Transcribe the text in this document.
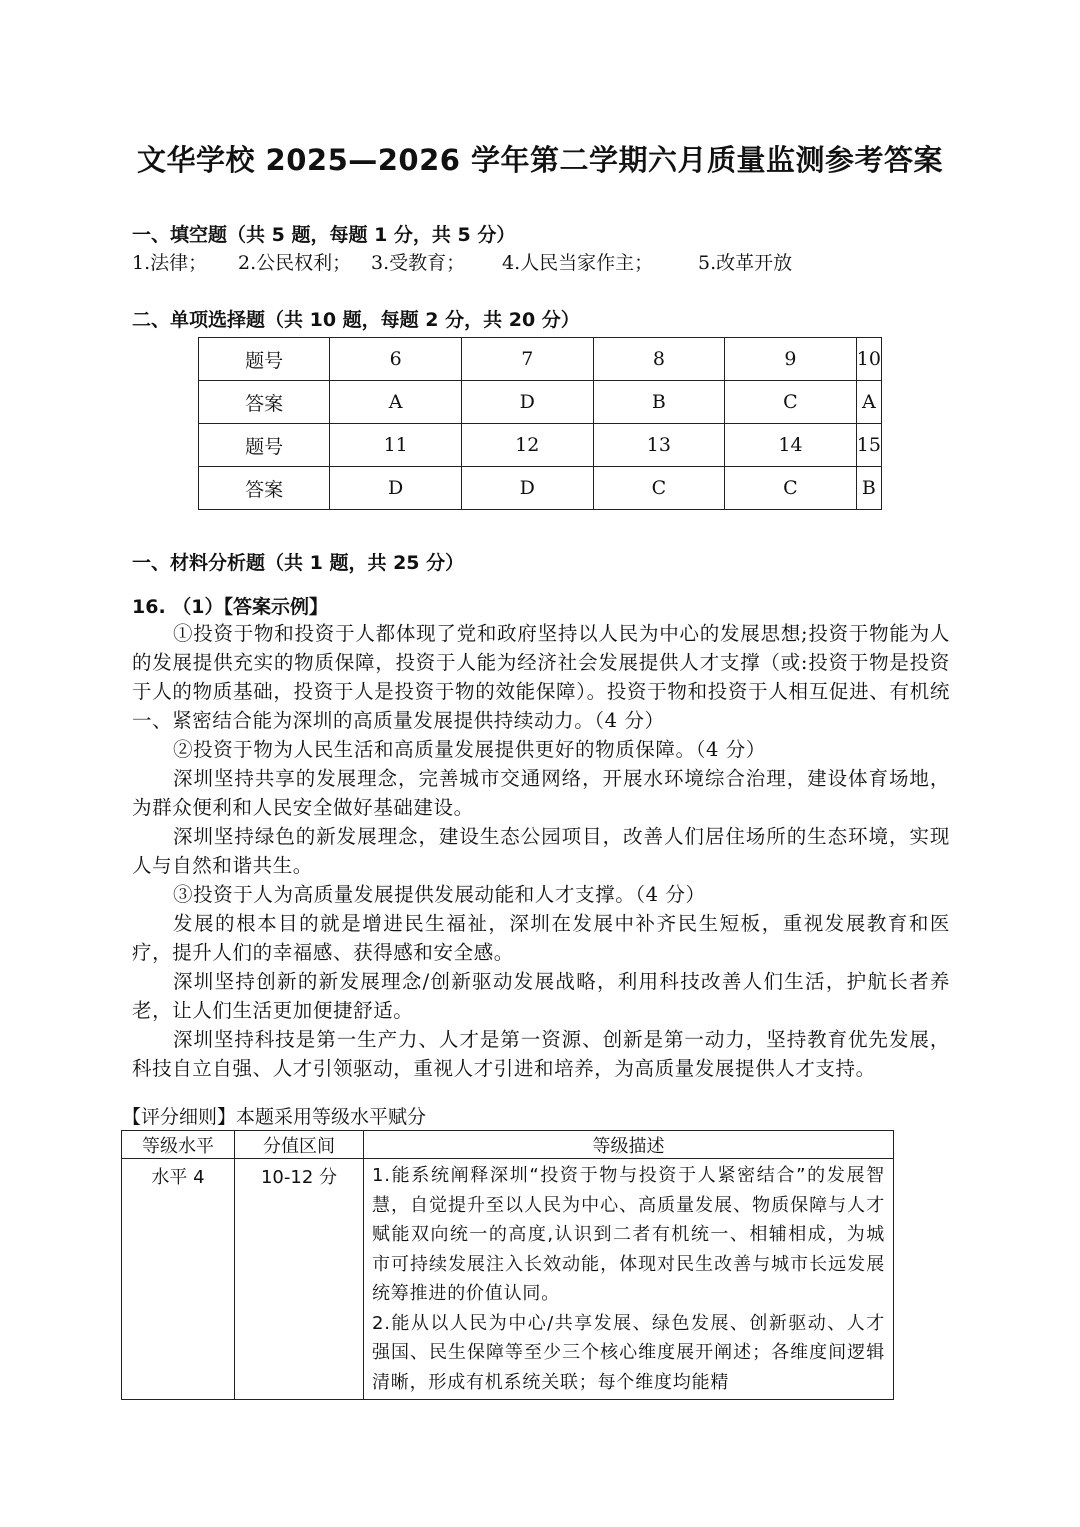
文华学校 2025—2026 学年第二学期六月质量监测参考答案
一、填空题（共 5 题，每题 1 分，共 5 分）
1.法律； 2.公民权利； 3.受教育； 4.人民当家作主； 5.改革开放
二、单项选择题（共 10 题，每题 2 分，共 20 分）
题号	6	7	8	9	10
答案	A	D	B	C	A
题号	11	12	13	14	15
答案	D	D	C	C	B
一、材料分析题（共 1 题，共 25 分）
16. （1）【答案示例】
①投资于物和投资于人都体现了党和政府坚持以人民为中心的发展思想;投资于物能为人的发展提供充实的物质保障，投资于人能为经济社会发展提供人才支撑（或:投资于物是投资于人的物质基础，投资于人是投资于物的效能保障）。投资于物和投资于人相互促进、有机统一、紧密结合能为深圳的高质量发展提供持续动力。（4 分）
②投资于物为人民生活和高质量发展提供更好的物质保障。（4 分）
深圳坚持共享的发展理念，完善城市交通网络，开展水环境综合治理，建设体育场地，为群众便利和人民安全做好基础建设。
深圳坚持绿色的新发展理念，建设生态公园项目，改善人们居住场所的生态环境，实现人与自然和谐共生。
③投资于人为高质量发展提供发展动能和人才支撑。（4 分）
发展的根本目的就是增进民生福祉，深圳在发展中补齐民生短板，重视发展教育和医疗，提升人们的幸福感、获得感和安全感。
深圳坚持创新的新发展理念/创新驱动发展战略，利用科技改善人们生活，护航长者养老，让人们生活更加便捷舒适。
深圳坚持科技是第一生产力、人才是第一资源、创新是第一动力，坚持教育优先发展，科技自立自强、人才引领驱动，重视人才引进和培养，为高质量发展提供人才支持。
【评分细则】本题采用等级水平赋分
等级水平	分值区间	等级描述
水平 4	10-12 分	1.能系统阐释深圳“投资于物与投资于人紧密结合”的发展智慧，自觉提升至以人民为中心、高质量发展、物质保障与人才赋能双向统一的高度,认识到二者有机统一、相辅相成，为城市可持续发展注入长效动能，体现对民生改善与城市长远发展统筹推进的价值认同。

2.能从以人民为中心/共享发展、绿色发展、创新驱动、人才强国、民生保障等至少三个核心维度展开阐述；各维度间逻辑清晰，形成有机系统关联；每个维度均能精
